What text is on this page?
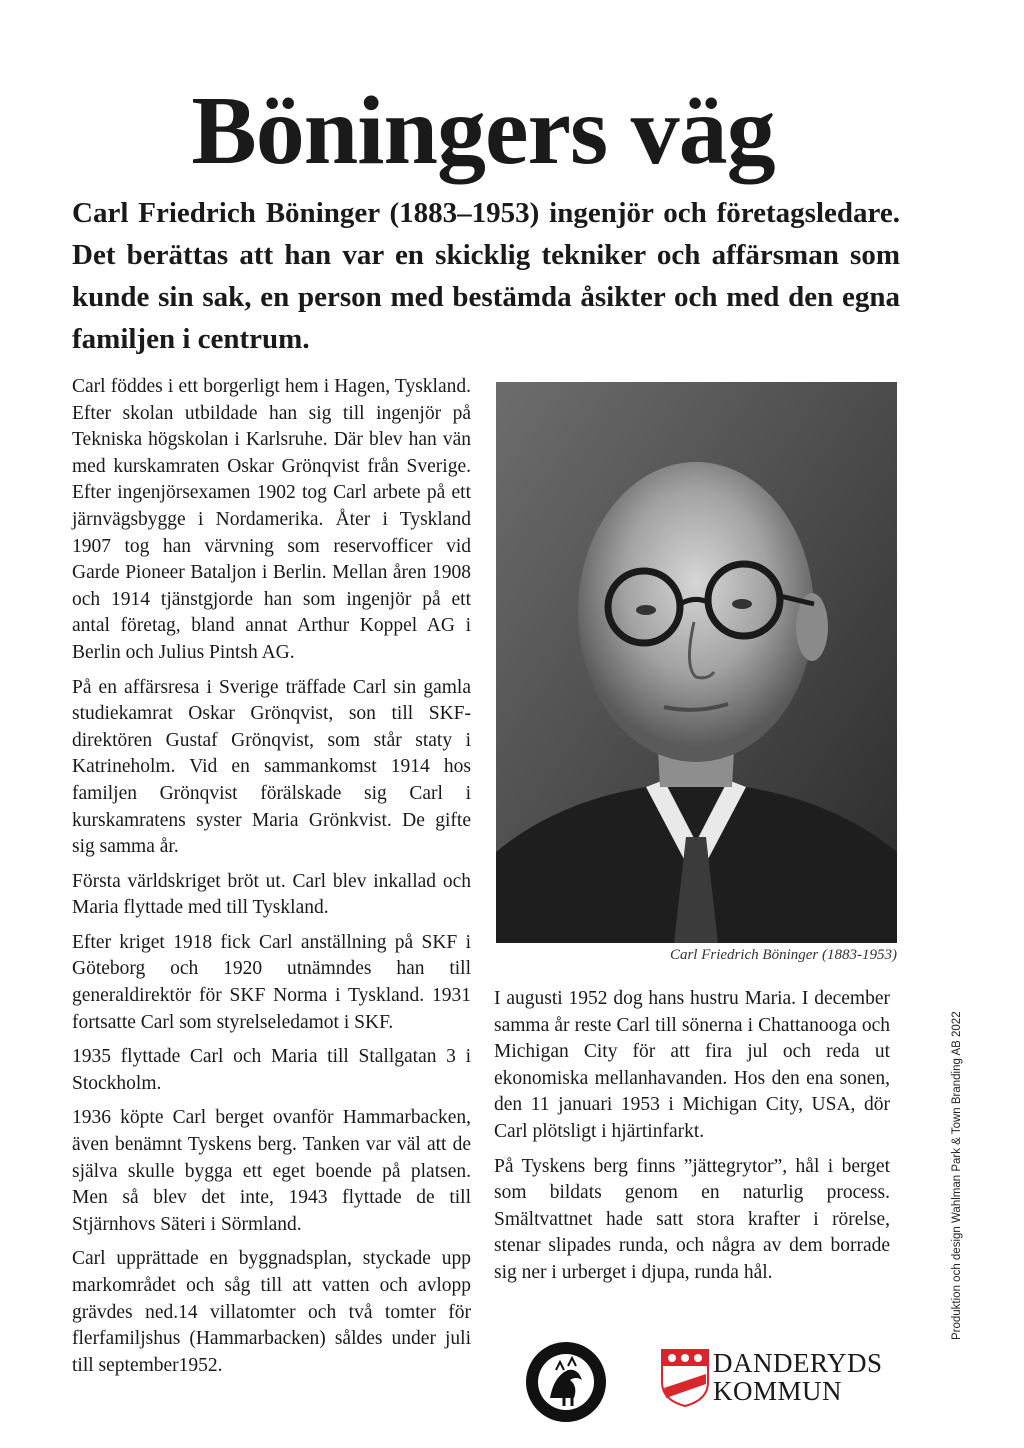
Böningers väg

Carl Friedrich Böninger (1883–1953) ingenjör och företagsledare. Det berättas att han var en skicklig tekniker och affärsman som kunde sin sak, en person med bestämda åsikter och med den egna familjen i centrum.

Carl föddes i ett borgerligt hem i Hagen, Tyskland. Efter skolan utbildade han sig till ingenjör på Tekniska högskolan i Karlsruhe. Där blev han vän med kurskamraten Oskar Grönqvist från Sverige. Efter ingenjörsexamen 1902 tog Carl arbete på ett järnvägsbygge i Nordamerika. Åter i Tyskland 1907 tog han värvning som reservofficer vid Garde Pioneer Bataljon i Berlin. Mellan åren 1908 och 1914 tjänstgjorde han som ingenjör på ett antal företag, bland annat Arthur Koppel AG i Berlin och Julius Pintsh AG.

På en affärsresa i Sverige träffade Carl sin gamla studiekamrat Oskar Grönqvist, son till SKF- direktören Gustaf Grönqvist, som står staty i Katrineholm. Vid en sammankomst 1914 hos familjen Grönqvist förälskade sig Carl i kurskamratens syster Maria Grönkvist. De gifte sig samma år.

Första världskriget bröt ut. Carl blev inkallad och Maria flyttade med till Tyskland.

Efter kriget 1918 fick Carl anställning på SKF i Göteborg och 1920 utnämndes han till generaldirektör för SKF Norma i Tyskland. 1931 fortsatte Carl som styrelseledamot i SKF.

1935 flyttade Carl och Maria till Stallgatan 3 i Stockholm.

1936 köpte Carl berget ovanför Hammarbacken, även benämnt Tyskens berg. Tanken var väl att de själva skulle bygga ett eget boende på platsen. Men så blev det inte, 1943 flyttade de till Stjärnhovs Säteri i Sörmland.

Carl upprättade en byggnadsplan, styckade upp markområdet och såg till att vatten och avlopp grävdes ned.14 villatomter och två tomter för flerfamiljshus (Hammarbacken) såldes under juli till september1952.

Carl Friedrich Böninger (1883-1953)

I augusti 1952 dog hans hustru Maria. I december samma år reste Carl till sönerna i Chattanooga och Michigan City för att fira jul och reda ut ekonomiska mellanhavanden. Hos den ena sonen, den 11 januari 1953 i Michigan City, USA, dör Carl plötsligt i hjärtinfarkt.

På Tyskens berg finns ”jättegrytor”, hål i berget som bildats genom en naturlig process. Smältvattnet hade satt stora krafter i rörelse, stenar slipades runda, och några av dem borrade sig ner i urberget i djupa, runda hål.	Produktion och design Wahlman Park & Town Branding AB 2022
DANDERYDS
KOMMUN
